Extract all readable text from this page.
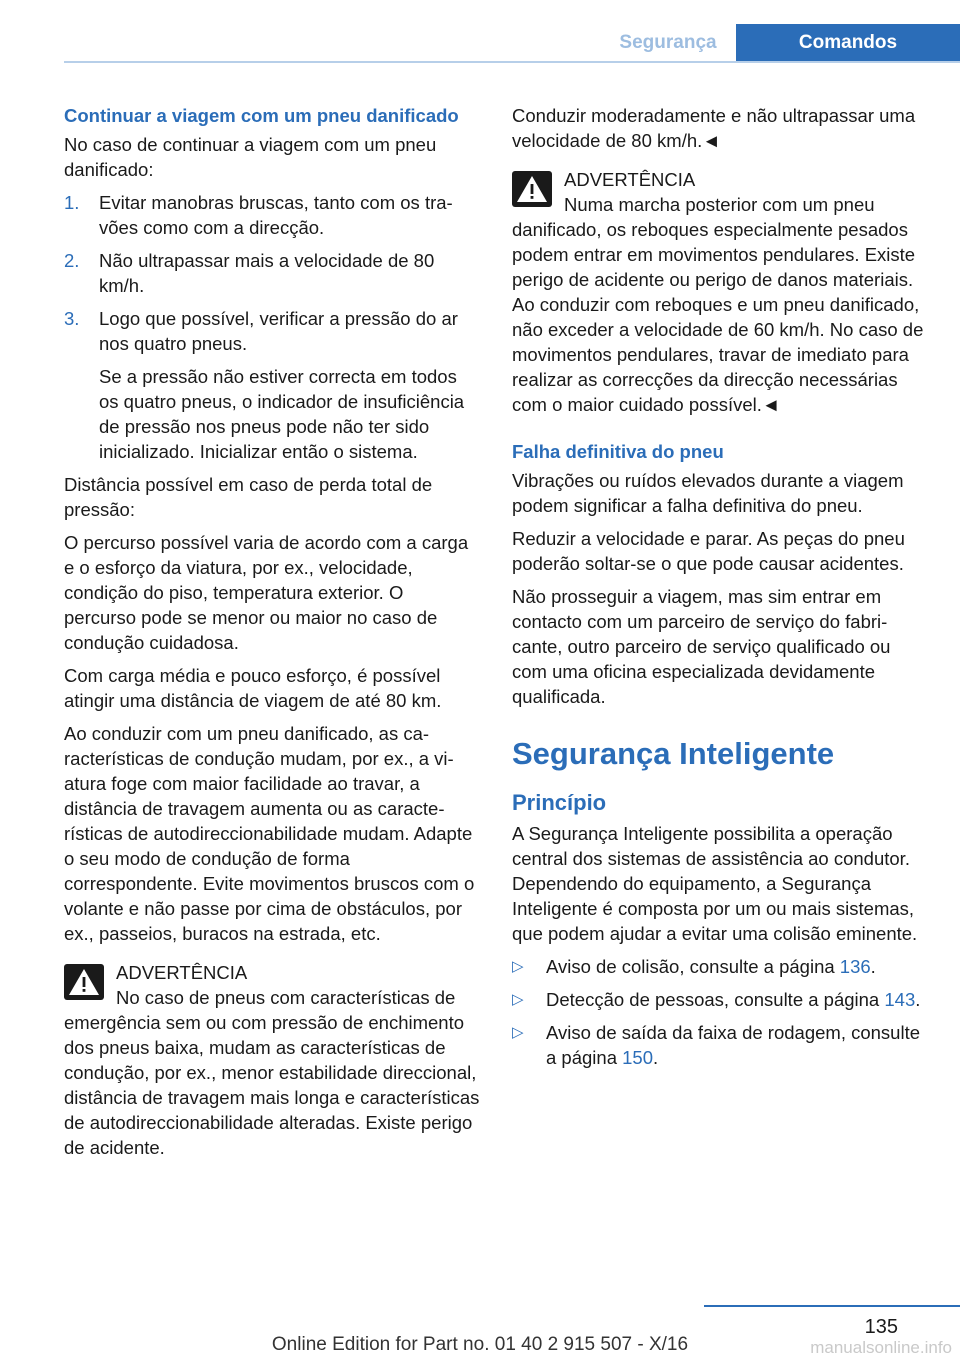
Segurança	Comandos
Continuar a viagem com um pneu danificado

No caso de continuar a viagem com um pneu danificado:

1.	Evitar manobras bruscas, tanto com os travões como com a direcção.

2.	Não ultrapassar mais a velocidade de 80 km/h.

3.	Logo que possível, verificar a pressão do ar nos quatro pneus.

Se a pressão não estiver correcta em todos os quatro pneus, o indicador de insuficiência de pressão nos pneus pode não ter sido inicializado. Inicializar então o sistema.

Distância possível em caso de perda total de pressão:

O percurso possível varia de acordo com a carga e o esforço da viatura, por ex., velocidade, condição do piso, temperatura exterior. O percurso pode se menor ou maior no caso de condução cuidadosa.

Com carga média e pouco esforço, é possível atingir uma distância de viagem de até 80 km.

Ao conduzir com um pneu danificado, as características de condução mudam, por ex., a viatura foge com maior facilidade ao travar, a distância de travagem aumenta ou as características de autodireccionabilidade mudam. Adapte o seu modo de condução de forma correspondente. Evite movimentos bruscos com o volante e não passe por cima de obstáculos, por ex., passeios, buracos na estrada, etc.

ADVERTÊNCIA

No caso de pneus com características de emergência sem ou com pressão de enchimento dos pneus baixa, mudam as características de condução, por ex., menor estabilidade direccional, distância de travagem mais longa e características de autodireccionabilidade alteradas. Existe perigo de acidente.

Conduzir moderadamente e não ultrapassar uma velocidade de 80 km/h.◄

ADVERTÊNCIA

Numa marcha posterior com um pneu danificado, os reboques especialmente pesados podem entrar em movimentos pendulares. Existe perigo de acidente ou perigo de danos materiais. Ao conduzir com reboques e um pneu danificado, não exceder a velocidade de 60 km/h. No caso de movimentos pendulares, travar de imediato para realizar as correcções da direcção necessárias com o maior cuidado possível.◄

Falha definitiva do pneu

Vibrações ou ruídos elevados durante a viagem podem significar a falha definitiva do pneu.

Reduzir a velocidade e parar. As peças do pneu poderão soltar-se o que pode causar acidentes.

Não prosseguir a viagem, mas sim entrar em contacto com um parceiro de serviço do fabricante, outro parceiro de serviço qualificado ou com uma oficina especializada devidamente qualificada.

Segurança Inteligente
Princípio

A Segurança Inteligente possibilita a operação central dos sistemas de assistência ao condutor. Dependendo do equipamento, a Segurança Inteligente é composta por um ou mais sistemas, que podem ajudar a evitar uma colisão eminente.

▷	Aviso de colisão, consulte a página 136.
▷	Detecção de pessoas, consulte a página 143.
▷	Aviso de saída da faixa de rodagem, consulte a página 150.
135
Online Edition for Part no. 01 40 2 915 507 - X/16	manualsonline.info
